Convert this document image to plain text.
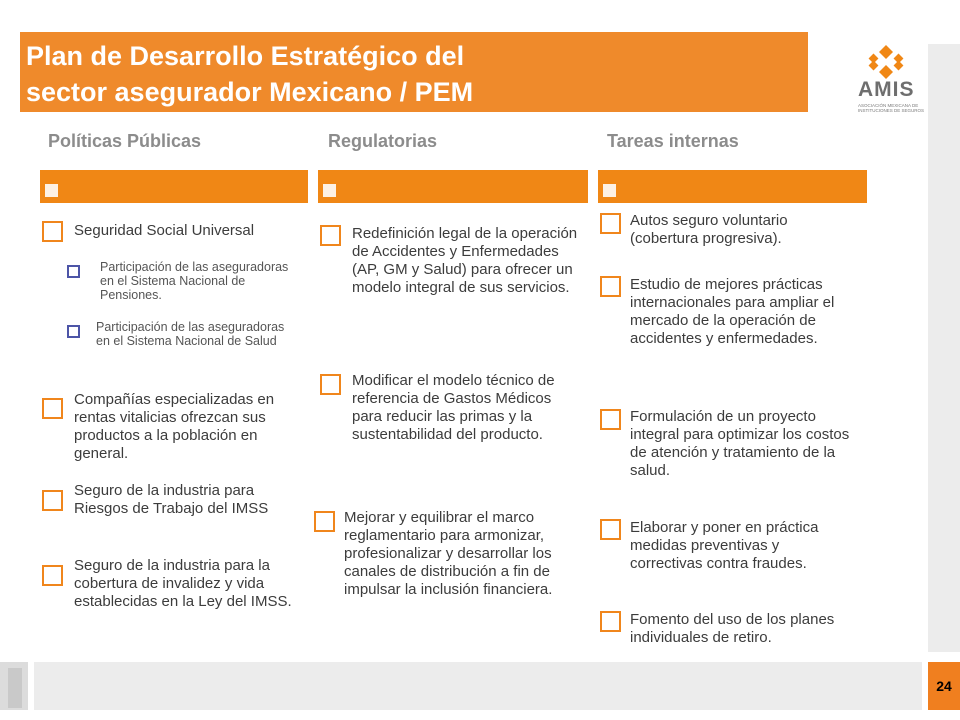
Plan de Desarrollo Estratégico del
sector asegurador Mexicano / PEM	AMIS
ASOCIACIÓN MEXICANA DE INSTITUCIONES DE SEGUROS
Políticas Públicas
Seguridad Social Universal
Participación de las aseguradoras en el Sistema Nacional de Pensiones.
Participación de las aseguradoras en el Sistema Nacional de Salud
Compañías especializadas en rentas vitalicias ofrezcan sus productos a la población en general.
Seguro de la industria para Riesgos de Trabajo del IMSS
Seguro de la industria para la cobertura de invalidez y vida establecidas en la Ley del IMSS.
Regulatorias
Redefinición legal de la operación de Accidentes y Enfermedades (AP, GM y Salud) para ofrecer un modelo integral de sus servicios.
Modificar el modelo técnico de referencia de Gastos Médicos para reducir las primas y la sustentabilidad del producto.
Mejorar y equilibrar el marco reglamentario para armonizar, profesionalizar y desarrollar los canales de distribución a fin de impulsar la inclusión financiera.
Tareas internas
Autos seguro voluntario (cobertura progresiva).
Estudio de mejores prácticas internacionales para ampliar el mercado de la operación de accidentes y enfermedades.
Formulación de un proyecto integral para optimizar los costos de atención y tratamiento de la salud.
Elaborar y poner en práctica medidas preventivas y correctivas contra fraudes.
Fomento del uso de los planes individuales de retiro.
24
